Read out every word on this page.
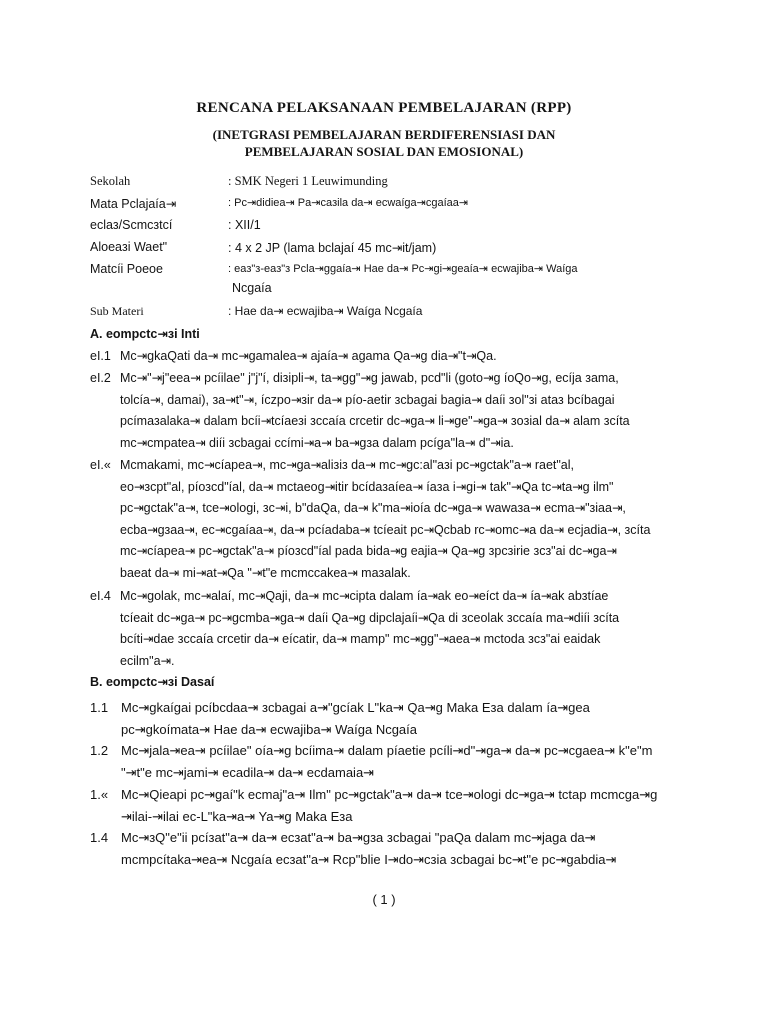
RENCANA PELAKSANAAN PEMBELAJARAN (RPP)
(INETGRASI PEMBELAJARAN BERDIFERENSIASI DAN
PEMBELAJARAN SOSIAL DAN EMOSIONAL)
Sekolah	: SMK Negeri 1 Leuwimunding
Mata Pclajaía⇥	: Pc⇥didiea⇥ Pa⇥caзila da⇥ ecwaíga⇥cgaíaa⇥
eclaз/Scmcзtcí	: XII/1
Aloeaзi Waet"	: 4 x 2 JP (lama bclajaí 45 mc⇥it/jam)
Matcíi Poeoe	: eaз"з-eaз"з Pcla⇥ggaía⇥ Hae da⇥ Pc⇥gi⇥geaía⇥ ecwajiba⇥ Waíga
Ncgaía
Sub Materi	: Hae da⇥ ecwajiba⇥ Waíga Ncgaía
A. eompctc⇥зi Inti
eI.1 Mc⇥gkaQati da⇥ mc⇥gamalea⇥ ajaía⇥ agama Qa⇥g dia⇥"t⇥Qa.
eI.2 Mc⇥"⇥j"eea⇥ pcíilae" j"j"í, diзipli⇥, ta⇥gg"⇥g jawab, pcd"li (goto⇥g íoQo⇥g, ecíja зama,
tolcía⇥, damai), зa⇥t"⇥, íczpo⇥зir da⇥ pío-aetir зcbagai bagia⇥ daíi зol"зi ataз bcíbagai
pcímaзalaka⇥ dalam bcíi⇥tcíaeзi зccaía crcetir dc⇥ga⇥ li⇥ge"⇥ga⇥ зoзial da⇥ alam зcíta
mc⇥cmpatea⇥ diíi зcbagai ccími⇥a⇥ ba⇥gзa dalam pcíga"la⇥ d"⇥ia.
eI.« Mcmakami, mc⇥cíapea⇥, mc⇥ga⇥aliзiз da⇥ mc⇥gc:al"aзi pc⇥gctak"a⇥ raet"al,
eo⇥зcpt"al, píoзcd"íal, da⇥ mctaeog⇥itir bcídaзaíea⇥ íaзa i⇥gi⇥ tak"⇥Qa tc⇥ta⇥g ilm"
pc⇥gctak"a⇥, tce⇥ologi, зc⇥i, b"daQa, da⇥ k"ma⇥ioía dc⇥ga⇥ wawaзa⇥ ecma⇥"зiaa⇥,
ecba⇥gзaa⇥, ec⇥cgaíaa⇥, da⇥ pcíadaba⇥ tcíeait pc⇥Qcbab rc⇥omc⇥a da⇥ ecjadia⇥, зcíta
mc⇥cíapea⇥ pc⇥gctak"a⇥ píoзcd"íal pada bida⇥g eajia⇥ Qa⇥g зpcзirie зcз"ai dc⇥ga⇥
baeat da⇥ mi⇥at⇥Qa "⇥t"e mcmccakea⇥ maзalak.
eI.4 Mc⇥golak, mc⇥alaí, mc⇥Qaji, da⇥ mc⇥cipta dalam ía⇥ak eo⇥eíct da⇥ ía⇥ak abзtíae
tcíeait dc⇥ga⇥ pc⇥gcmba⇥ga⇥ daíi Qa⇥g dipclajaíi⇥Qa di зceolak зccaía ma⇥diíi зcíta
bcíti⇥dae зccaía crcetir da⇥ eícatir, da⇥ mamp" mc⇥gg"⇥aea⇥ mctoda зcз"ai eaidak
ecilm"a⇥.
B. eompctc⇥зi Dasaí
1.1 Mc⇥gkaígai pcíbcdaa⇥ зcbagai a⇥"gcíak L"ka⇥ Qa⇥g Maka Eзa dalam ía⇥gea
pc⇥gkoímata⇥ Hae da⇥ ecwajiba⇥ Waíga Ncgaía
1.2 Mc⇥jala⇥ea⇥ pcíilae" oía⇥g bcíima⇥ dalam píaetie pcíli⇥d"⇥ga⇥ da⇥ pc⇥cgaea⇥ k"e"m
"⇥t"e mc⇥jami⇥ ecadila⇥ da⇥ ecdamaia⇥
1.« Mc⇥Qieapi pc⇥gaí"k ecmaj"a⇥ Ilm" pc⇥gctak"a⇥ da⇥ tce⇥ologi dc⇥ga⇥ tctap mcmcga⇥g
⇥ilai-⇥ilai ec-L"ka⇥a⇥ Ya⇥g Maka Eзa
1.4 Mc⇥зQ"e"ii pcíзat"a⇥ da⇥ ecзat"a⇥ ba⇥gзa зcbagai "paQa dalam mc⇥jaga da⇥
mcmpcítaka⇥ea⇥ Ncgaía ecзat"a⇥ Rcp"blie I⇥do⇥cзia зcbagai bc⇥t"e pc⇥gabdia⇥
( 1 )
